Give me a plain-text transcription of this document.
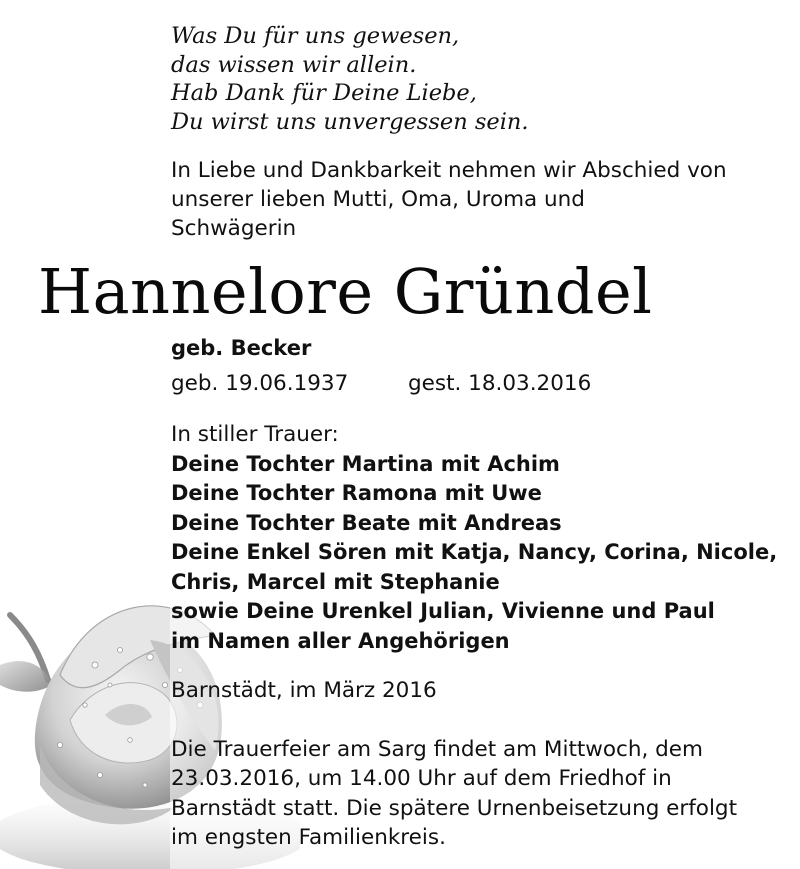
Was Du für uns gewesen,
das wissen wir allein.
Hab Dank für Deine Liebe,
Du wirst uns unvergessen sein.
In Liebe und Dankbarkeit nehmen wir Abschied von
unserer lieben Mutti, Oma, Uroma und
Schwägerin
Hannelore Gründel
geb. Becker
geb. 19.06.1937	gest. 18.03.2016
In stiller Trauer:
Deine Tochter Martina mit Achim
Deine Tochter Ramona mit Uwe
Deine Tochter Beate mit Andreas
Deine Enkel Sören mit Katja, Nancy, Corina, Nicole,
Chris, Marcel mit Stephanie
sowie Deine Urenkel Julian, Vivienne und Paul
im Namen aller Angehörigen
Barnstädt, im März 2016
Die Trauerfeier am Sarg findet am Mittwoch, dem
23.03.2016, um 14.00 Uhr auf dem Friedhof in
Barnstädt statt. Die spätere Urnenbeisetzung erfolgt
im engsten Familienkreis.
